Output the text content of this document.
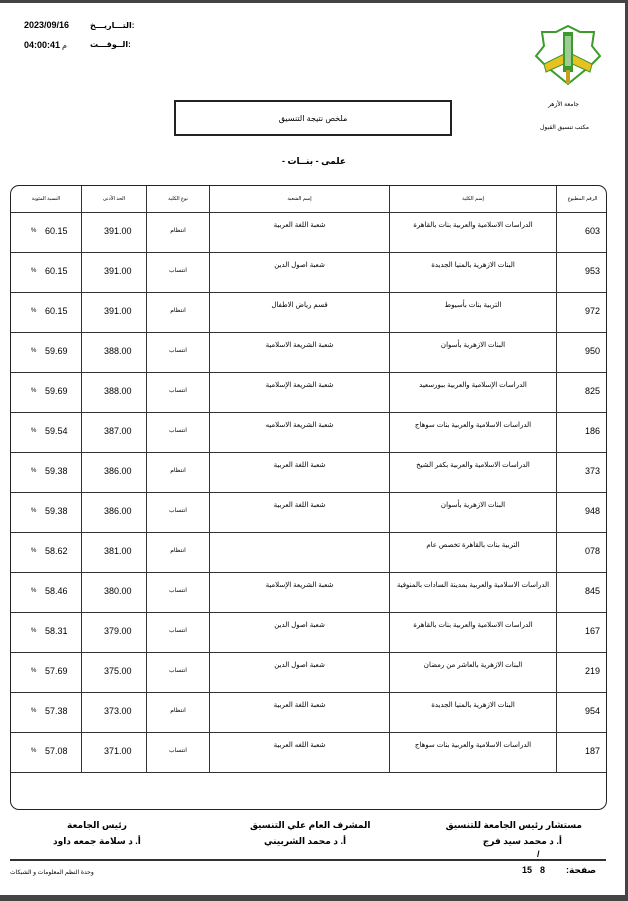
التـــاريـــخ:
2023/09/16
الــوقـــت:
04:00:41 م
جامعة الأزهر
مكتب تنسيق القبول
ملخص نتيجة التنسيق
- علمى - بنــات
الرقم المطبوع
إسم الكلية
إسم الشعبة
نوع الكلية
الحد الأدنى
النسبة المئوية
603
الدراسات الاسلامية والعربية بنات بالقاهرة
شعبة اللغة العربية
انتظام
391.00
60.15
%
953
البنات الازهرية بالمنيا الجديدة
شعبة اصول الدين
انتساب
391.00
60.15
%
972
التربية بنات بأسيوط
قسم رياض الاطفال
انتظام
391.00
60.15
%
950
البنات الازهرية بأسوان
شعبة الشريعة الاسلامية
انتساب
388.00
59.69
%
825
الدراسات الإسلامية والعربية ببورسعيد
شعبة الشريعة الإسلامية
انتساب
388.00
59.69
%
186
الدراسات الاسلامية والعربية بنات سوهاج
شعبة الشريعة الاسلاميه
انتساب
387.00
59.54
%
373
الدراسات الاسلامية والعربية بكفر الشيخ
شعبة اللغة العربية
انتظام
386.00
59.38
%
948
البنات الازهرية بأسوان
شعبة اللغة العربية
انتساب
386.00
59.38
%
078
التربية بنات بالقاهرة تخصص عام
انتظام
381.00
58.62
%
845
الدراسات الاسلامية والعربية بمدينة السادات بالمنوفية
شعبة الشريعة الإسلامية
انتساب
380.00
58.46
%
167
الدراسات الاسلامية والعربية بنات بالقاهرة
شعبة اصول الدين
انتساب
379.00
58.31
%
219
البنات الازهرية بالعاشر من رمضان
شعبة اصول الدين
انتساب
375.00
57.69
%
954
البنات الازهرية بالمنيا الجديدة
شعبة اللغة العربية
انتظام
373.00
57.38
%
187
الدراسات الاسلامية والعربية بنات سوهاج
شعبة اللغه العربية
انتساب
371.00
57.08
%
مستشار رئيس الجامعة للتنسيق
أ. د محمد سيد فرج
المشرف العام علي التنسيق
أ. د محمد الشربيني
رئيس الجامعة
أ. د سلامة جمعه داود
/
صفحة:
8
15
وحدة النظم المعلومات و الشبكات
